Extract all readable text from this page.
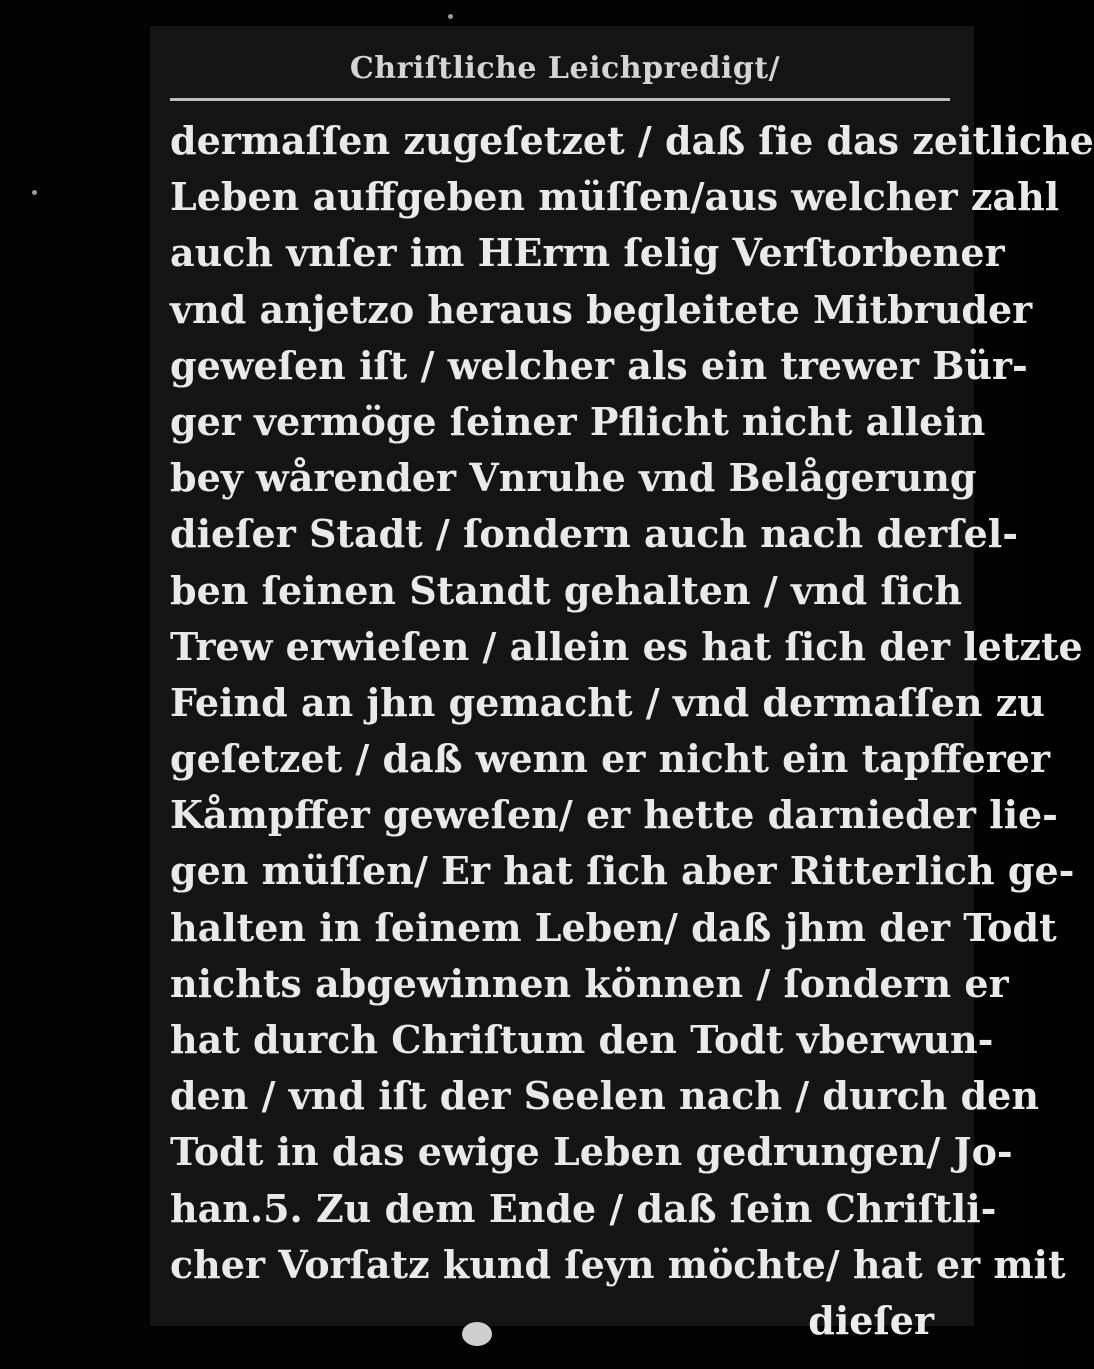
Chriſtliche Leichpredigt/
dermaſſen zugeſetzet / daß ſie das zeitliche
Leben auffgeben müſſen/aus welcher zahl
auch vnſer im HErrn ſelig Verſtorbener
vnd anjetzo heraus begleitete Mitbruder
geweſen iſt / welcher als ein trewer Bür-
ger vermöge ſeiner Pflicht nicht allein
bey wårender Vnruhe vnd Belågerung
dieſer Stadt / ſondern auch nach derſel-
ben ſeinen Standt gehalten / vnd ſich
Trew erwieſen / allein es hat ſich der letzte
Feind an jhn gemacht / vnd dermaſſen zu
geſetzet / daß wenn er nicht ein tapfferer
Kåmpffer geweſen/ er hette darnieder lie-
gen müſſen/ Er hat ſich aber Ritterlich ge-
halten in ſeinem Leben/ daß jhm der Todt
nichts abgewinnen können / ſondern er
hat durch Chriſtum den Todt vberwun-
den / vnd iſt der Seelen nach / durch den
Todt in das ewige Leben gedrungen/ Jo-
han.5. Zu dem Ende / daß ſein Chriſtli-
cher Vorſatz kund ſeyn möchte/ hat er mit
dieſer
